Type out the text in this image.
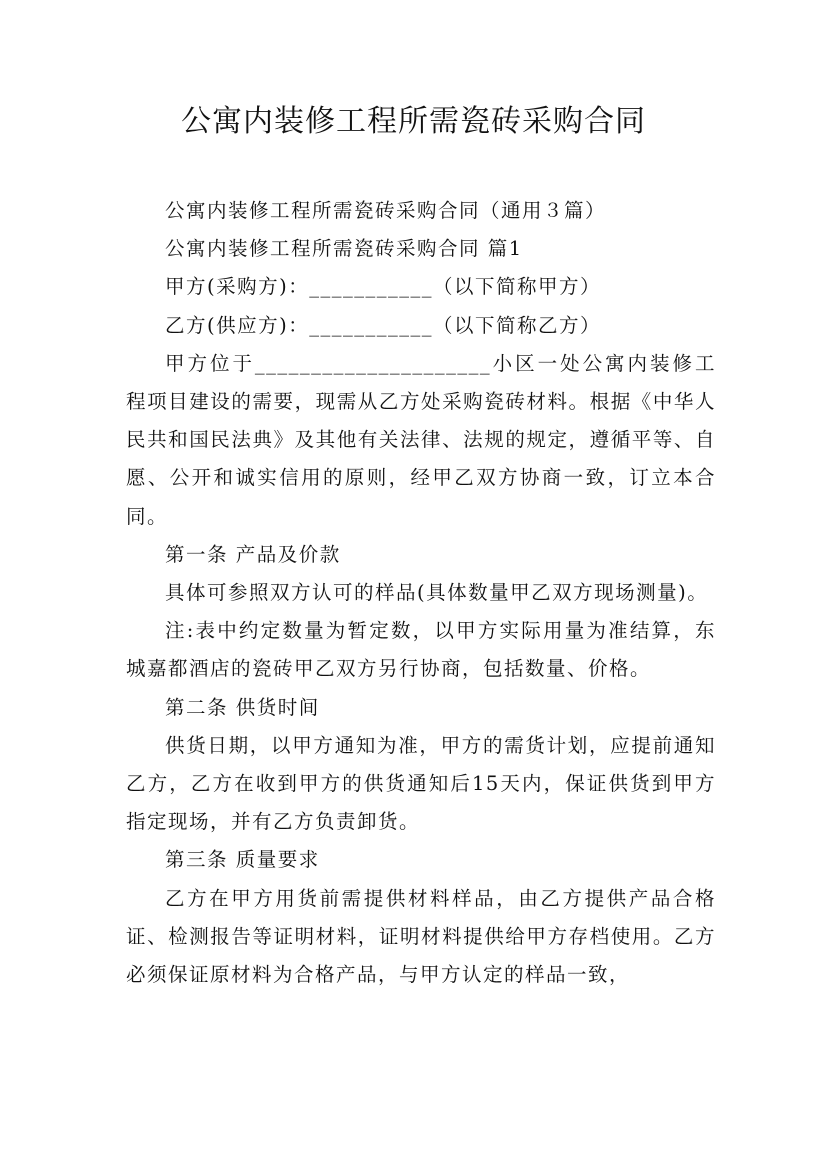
公寓内装修工程所需瓷砖采购合同

公寓内装修工程所需瓷砖采购合同（通用３篇）

公寓内装修工程所需瓷砖采购合同 篇1

甲方(采购方)：___________（以下简称甲方）

乙方(供应方)：___________（以下简称乙方）

甲方位于_____________________小区一处公寓内装修工程项目建设的需要，现需从乙方处采购瓷砖材料。根据《中华人民共和国民法典》及其他有关法律、法规的规定，遵循平等、自愿、公开和诚实信用的原则，经甲乙双方协商一致，订立本合同。

第一条 产品及价款

具体可参照双方认可的样品(具体数量甲乙双方现场测量)。

注:表中约定数量为暂定数，以甲方实际用量为准结算，东城嘉都酒店的瓷砖甲乙双方另行协商，包括数量、价格。

第二条 供货时间

供货日期，以甲方通知为准，甲方的需货计划，应提前通知乙方，乙方在收到甲方的供货通知后15天内，保证供货到甲方指定现场，并有乙方负责卸货。

第三条 质量要求

乙方在甲方用货前需提供材料样品，由乙方提供产品合格证、检测报告等证明材料，证明材料提供给甲方存档使用。乙方必须保证原材料为合格产品，与甲方认定的样品一致，
